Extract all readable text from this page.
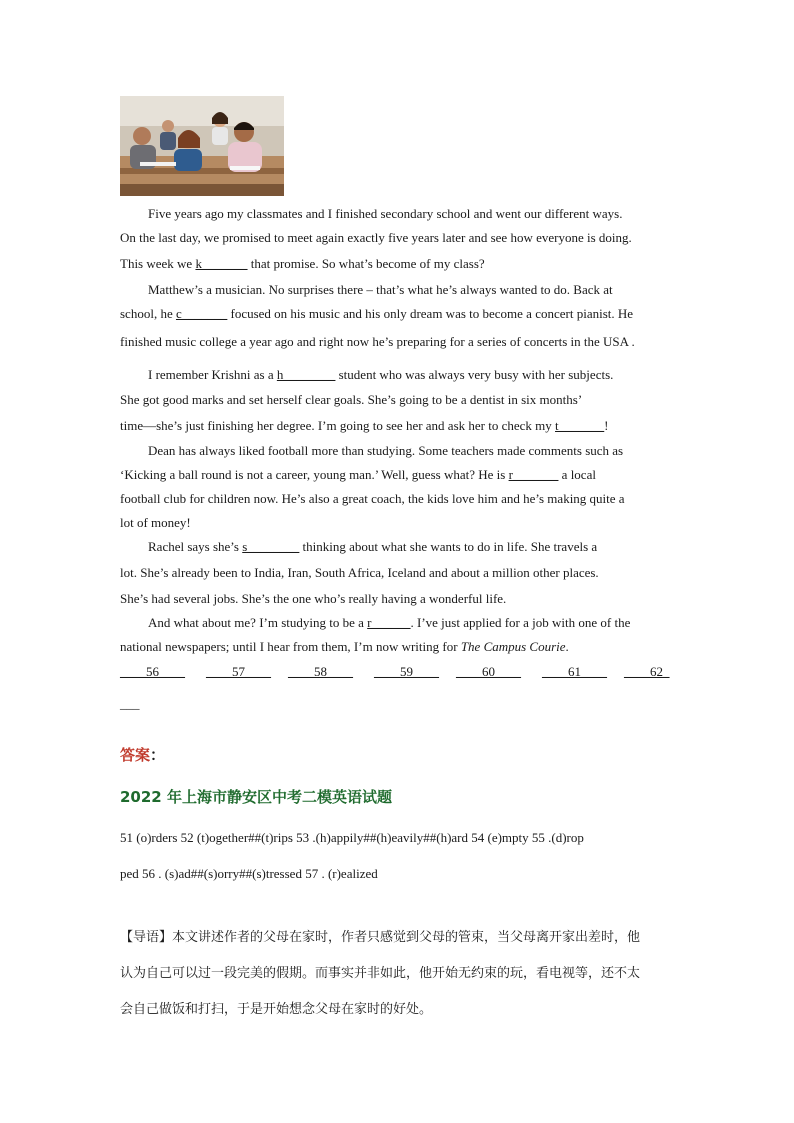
Five years ago my classmates and I finished secondary school and went our different ways.
On the last day, we promised to meet again exactly five years later and see how everyone is doing.
This week we k_______ that promise. So what’s become of my class?
Matthew’s a musician. No surprises there – that’s what he’s always wanted to do. Back at
school, he c_______ focused on his music and his only dream was to become a concert pianist. He
finished music college a year ago and right now he’s preparing for a series of concerts in the USA .
I remember Krishni as a h________ student who was always very busy with her subjects.
She got good marks and set herself clear goals. She’s going to be a dentist in six months’
time—she’s just finishing her degree. I’m going to see her and ask her to check my t_______!
Dean has always liked football more than studying. Some teachers made comments such as
‘Kicking a ball round is not a career, young man.’ Well, guess what? He is r_______ a local
football club for children now. He’s also a great coach, the kids love him and he’s making quite a
lot of money!
Rachel says she’s s________ thinking about what she wants to do in life. She travels a
lot. She’s already been to India, Iran, South Africa, Iceland and about a million other places.
She’s had several jobs. She’s the one who’s really having a wonderful life.
And what about me? I’m studying to be a r______. I’ve just applied for a job with one of the
national newspapers; until I hear from them, I’m now writing for The Campus Courie.
____56____ ____57____ ____58____ ____59____ ____60____ ____61____ ____62_
___
答案：
2022 年上海市静安区中考二模英语试题
51 (o)rders 52 (t)ogether##(t)rips 53 .(h)appily##(h)eavily##(h)ard 54 (e)mpty 55 .(d)rop
ped 56 . (s)ad##(s)orry##(s)tressed 57 . (r)ealized
【导语】本文讲述作者的父母在家时，作者只感觉到父母的管束，当父母离开家出差时，他
认为自己可以过一段完美的假期。而事实并非如此，他开始无约束的玩，看电视等，还不太
会自己做饭和打扫，于是开始想念父母在家时的好处。
